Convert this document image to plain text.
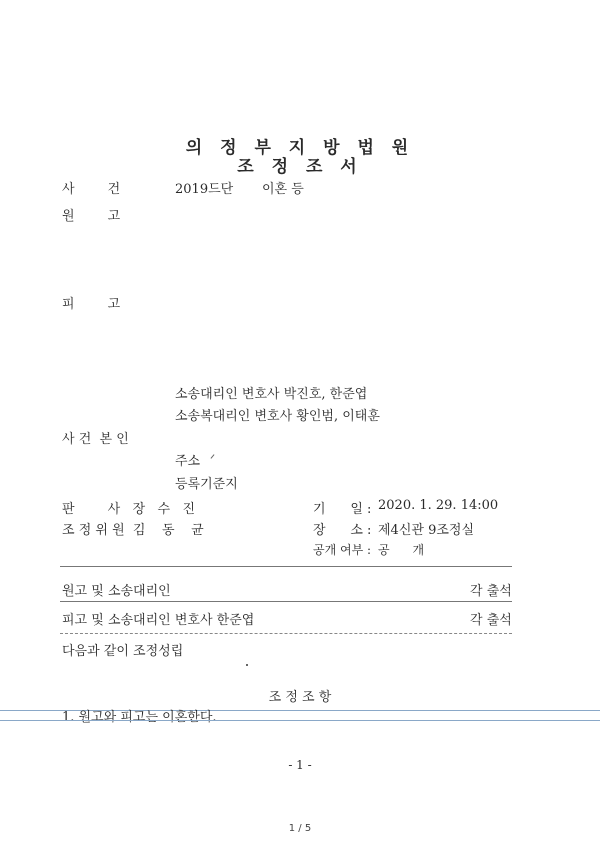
의 정 부 지 방 법 원
조 정 조 서
사        건	2019드단 이혼 등
원        고
피        고
소송대리인 변호사 박진호, 한준엽
소송복대리인 변호사 황인범, 이태훈
사 건  본 인
주소
등록기준지
판        사   장   수   진	기      일 : 2020. 1. 29. 14:00
조 정 위 원  김    동    균	장      소 : 제4신관 9조정실
공개 여부 : 공      개
원고 및 소송대리인	각 출석
피고 및 소송대리인 변호사 한준엽	각 출석
다음과 같이 조정성립
조 정 조 항
1. 원고와 피고는 이혼한다.
- 1 -
1 / 5
